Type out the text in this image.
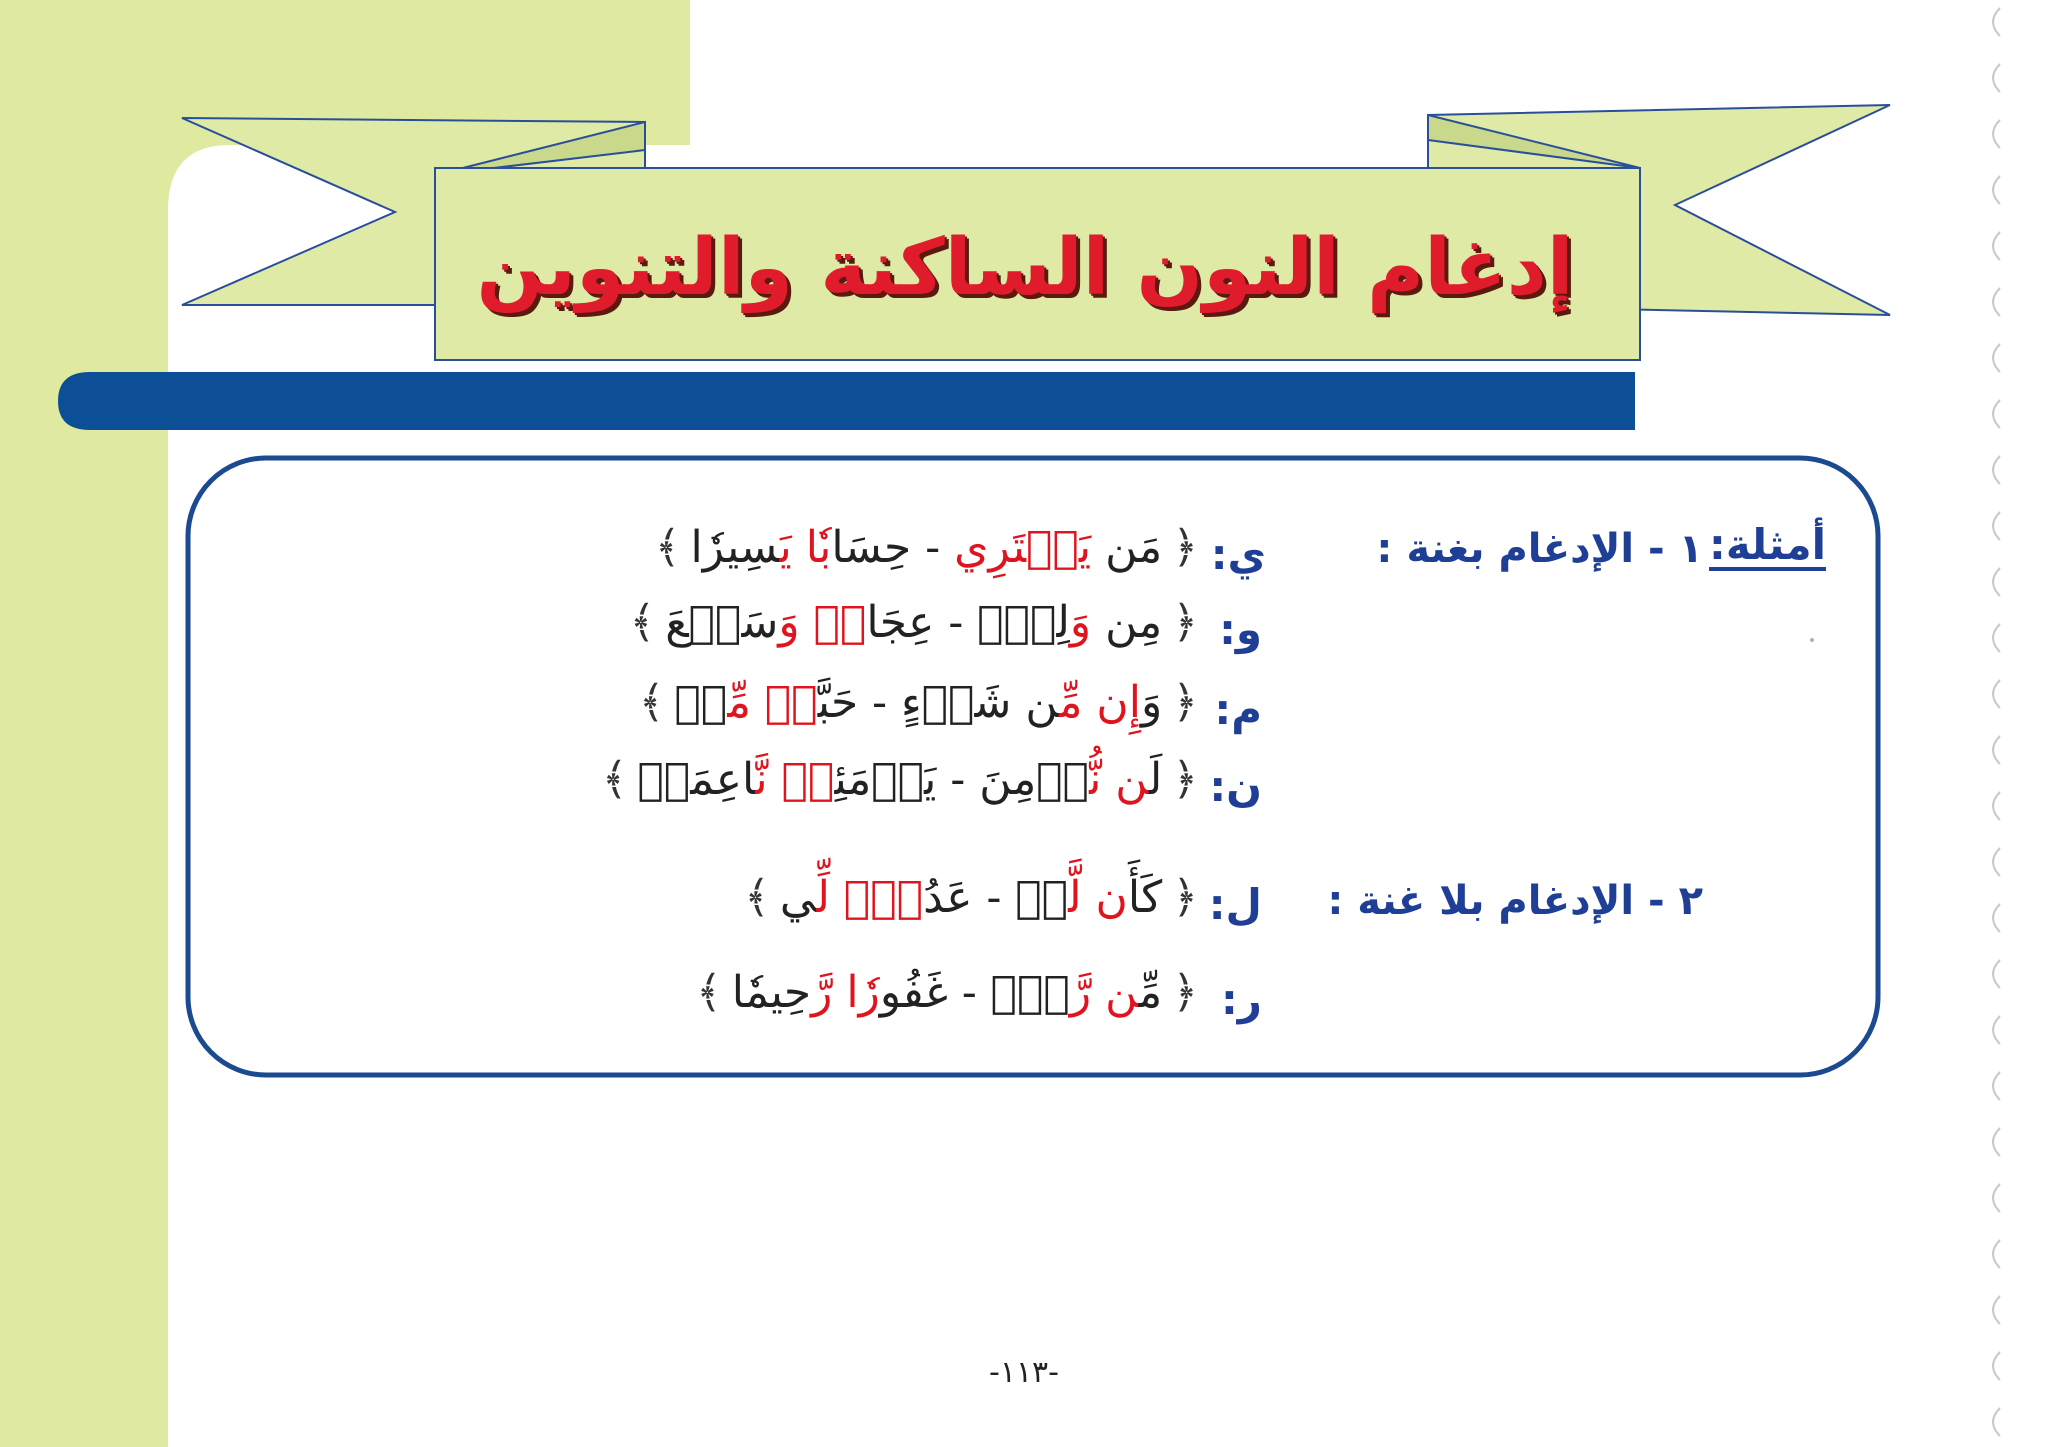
إدغام النون الساكنة والتنوين
أمثلة:
١ - الإدغام بغنة :
٢ - الإدغام بلا غنة :
ي:
﴿
مَن يَشۡتَرِي - حِسَابٗا يَسِيرٗا
﴾
و:
﴿
مِن وَلِيّٖ - عِجَافٞ وَسَبۡعَ
﴾
م:
﴿
وَإِن مِّن شَيۡءٍ - حَبَّةٖ مِّنۡ
﴾
ن:
﴿
لَن نُّؤۡمِنَ - يَوۡمَئِذٖ نَّاعِمَةٞ
﴾
ل:
﴿
كَأَن لَّمۡ - عَدُوّٞ لِّي
﴾
ر:
﴿
مِّن رَّبّٖ - غَفُورٗا رَّحِيمٗا
﴾
-١١٣-
